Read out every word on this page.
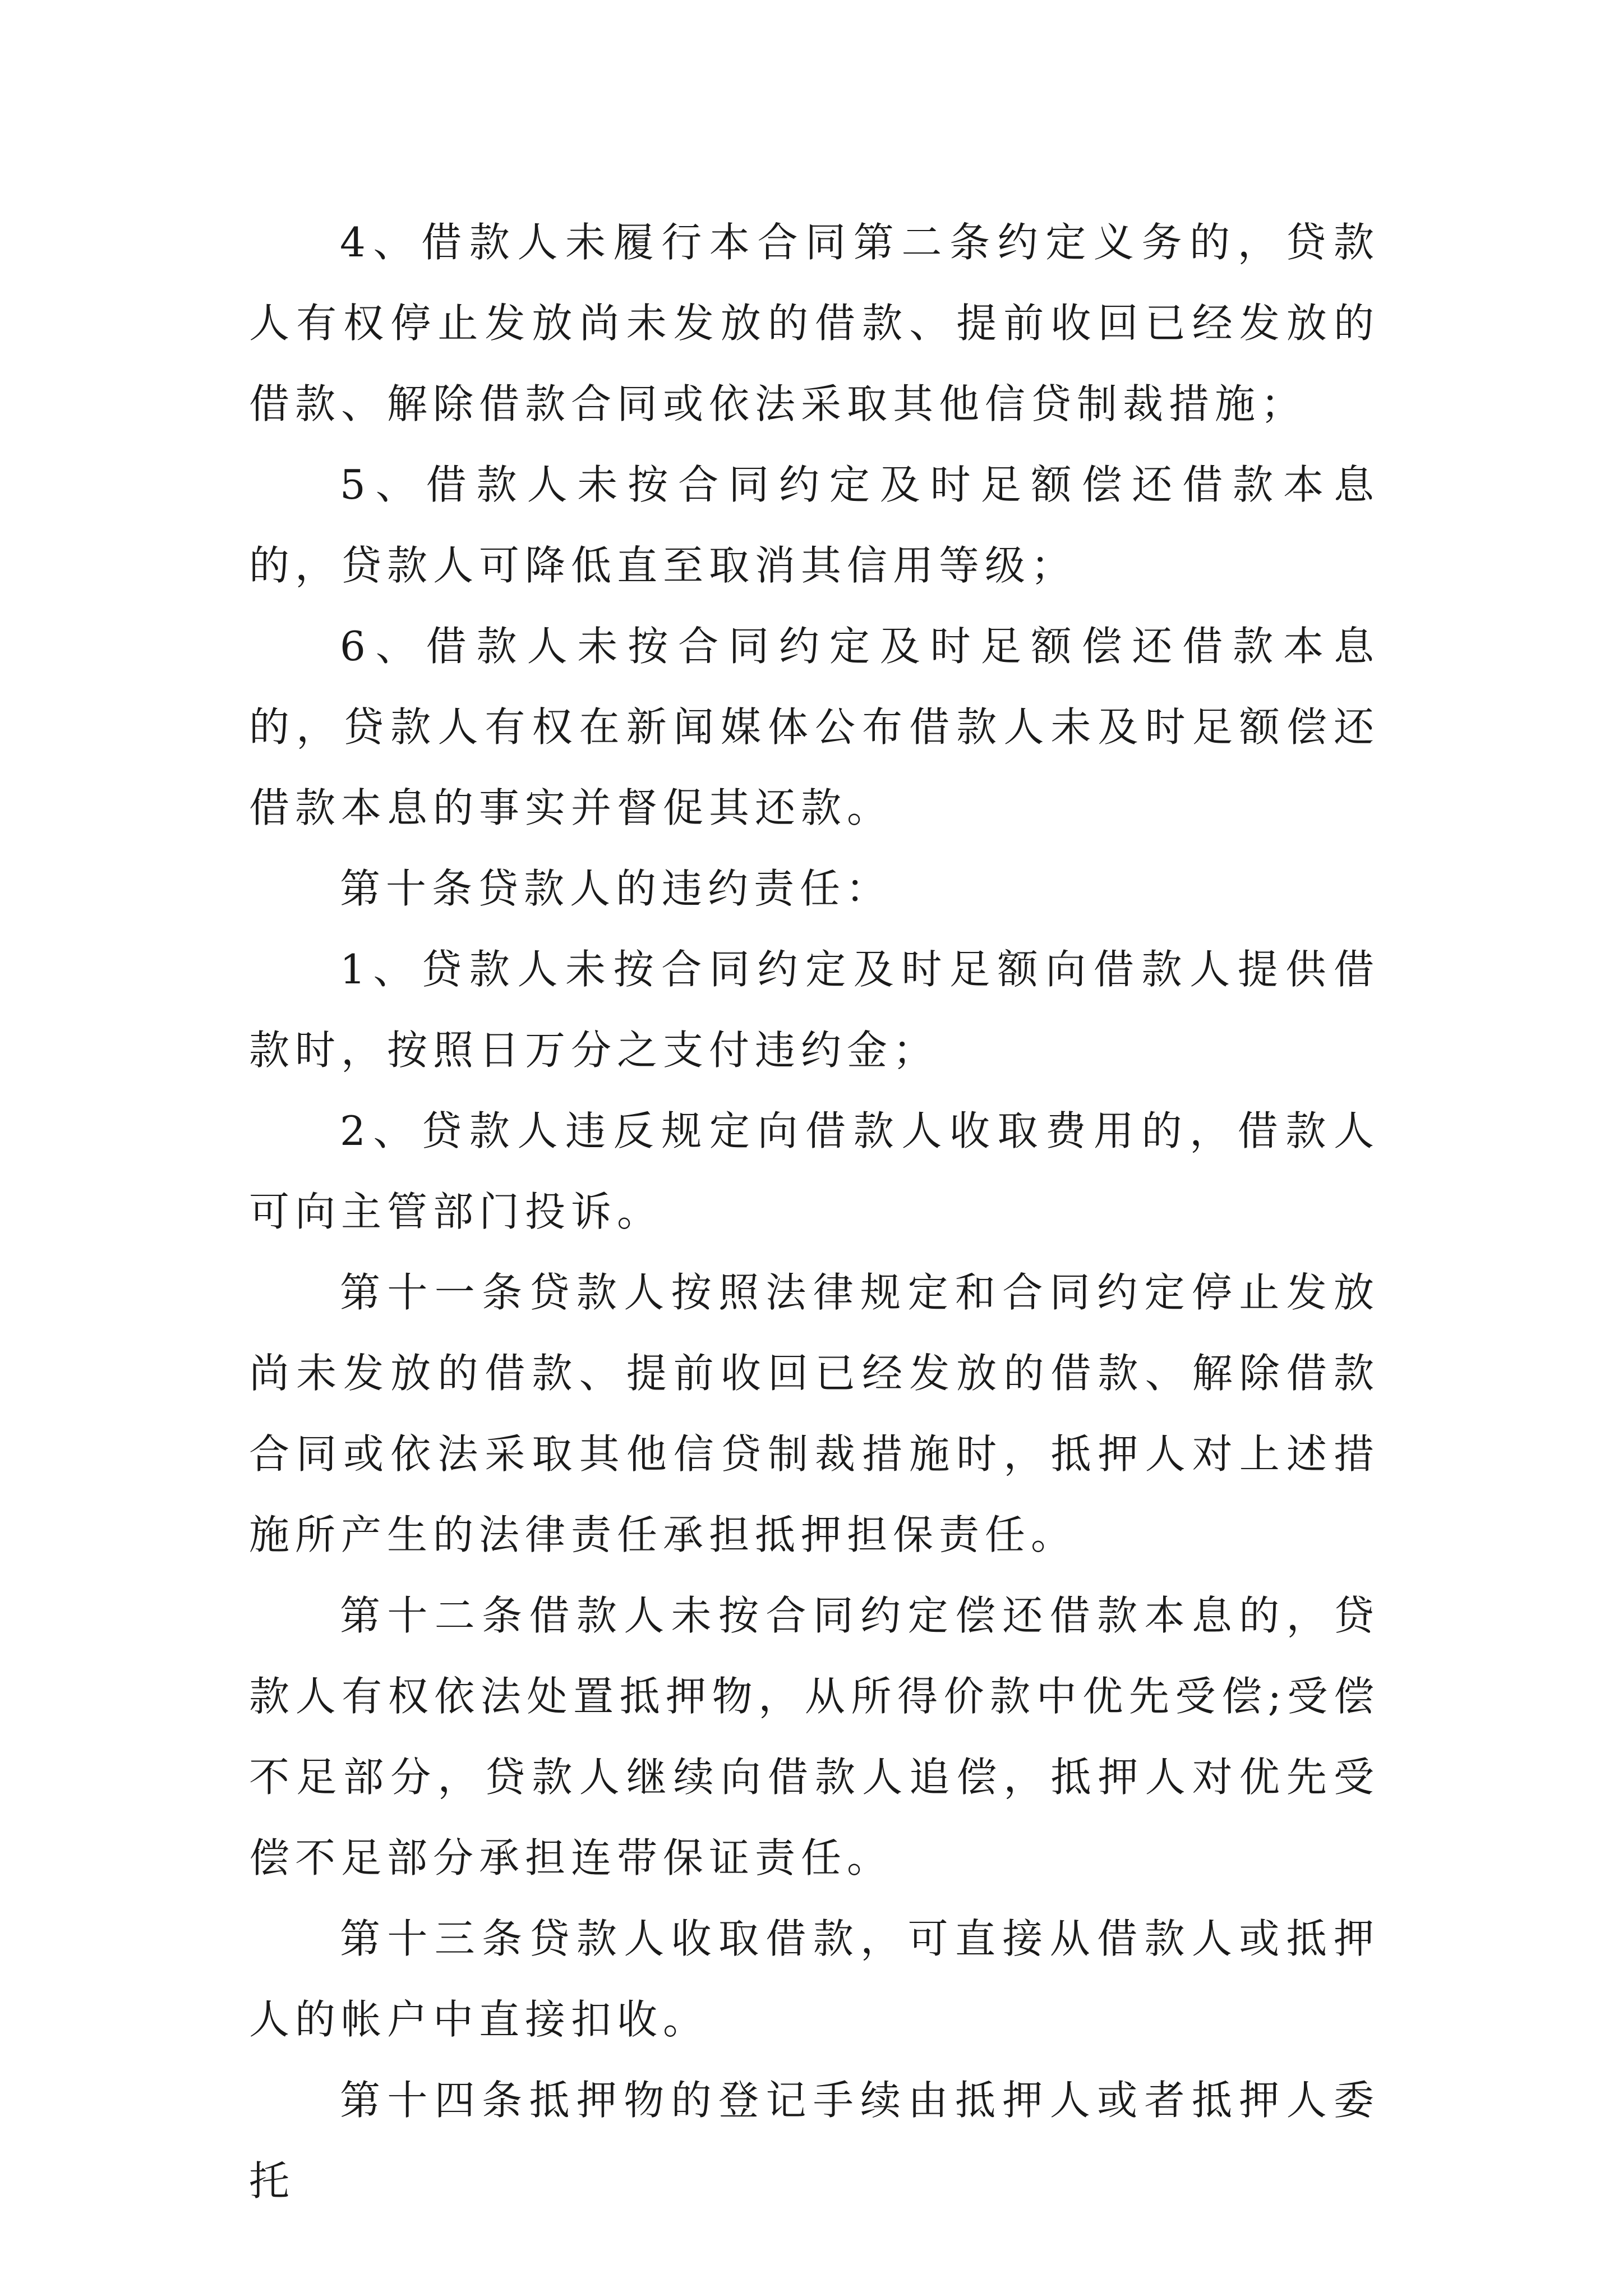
4、借款人未履行本合同第二条约定义务的，贷款人有权停止发放尚未发放的借款、提前收回已经发放的借款、解除借款合同或依法采取其他信贷制裁措施；

5、借款人未按合同约定及时足额偿还借款本息的，贷款人可降低直至取消其信用等级；

6、借款人未按合同约定及时足额偿还借款本息的，贷款人有权在新闻媒体公布借款人未及时足额偿还借款本息的事实并督促其还款。

第十条贷款人的违约责任：

1、贷款人未按合同约定及时足额向借款人提供借款时，按照日万分之支付违约金；

2、贷款人违反规定向借款人收取费用的，借款人可向主管部门投诉。

第十一条贷款人按照法律规定和合同约定停止发放尚未发放的借款、提前收回已经发放的借款、解除借款合同或依法采取其他信贷制裁措施时，抵押人对上述措施所产生的法律责任承担抵押担保责任。

第十二条借款人未按合同约定偿还借款本息的，贷款人有权依法处置抵押物，从所得价款中优先受偿;受偿不足部分，贷款人继续向借款人追偿，抵押人对优先受偿不足部分承担连带保证责任。

第十三条贷款人收取借款，可直接从借款人或抵押人的帐户中直接扣收。

第十四条抵押物的登记手续由抵押人或者抵押人委托
